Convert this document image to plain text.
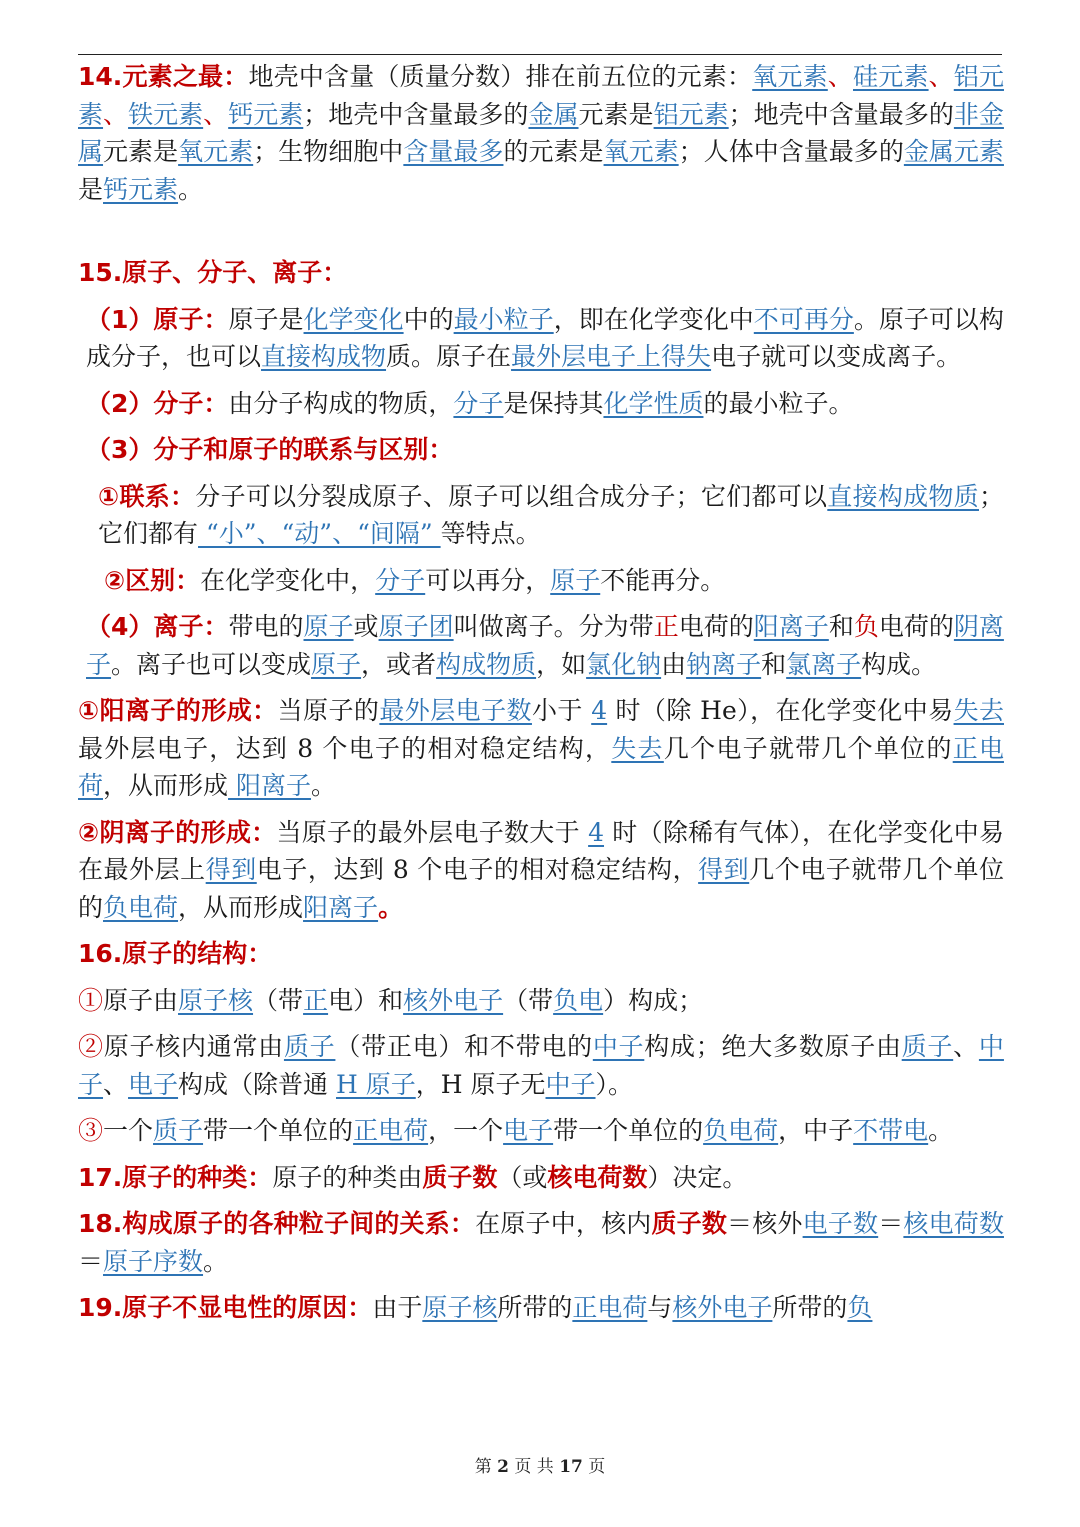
14.元素之最：地壳中含量（质量分数）排在前五位的元素：氧元素、硅元素、铝元素、铁元素、钙元素；地壳中含量最多的金属元素是铝元素；地壳中含量最多的非金属元素是氧元素；生物细胞中含量最多的元素是氧元素；人体中含量最多的金属元素是钙元素。

15.原子、分子、离子：

（1）原子：原子是化学变化中的最小粒子，即在化学变化中不可再分。原子可以构成分子，也可以直接构成物质。原子在最外层电子上得失电子就可以变成离子。

（2）分子：由分子构成的物质，分子是保持其化学性质的最小粒子。

（3）分子和原子的联系与区别：

①联系：分子可以分裂成原子、原子可以组合成分子；它们都可以直接构成物质；它们都有 “小”、“动”、“间隔” 等特点。

②区别：在化学变化中，分子可以再分，原子不能再分。

（4）离子：带电的原子或原子团叫做离子。分为带正电荷的阳离子和负电荷的阴离子。离子也可以变成原子，或者构成物质，如氯化钠由钠离子和氯离子构成。

①阳离子的形成：当原子的最外层电子数小于 4 时（除 He），在化学变化中易失去最外层电子，达到 8 个电子的相对稳定结构，失去几个电子就带几个单位的正电荷，从而形成 阳离子。

②阴离子的形成：当原子的最外层电子数大于 4 时（除稀有气体），在化学变化中易在最外层上得到电子，达到 8 个电子的相对稳定结构，得到几个电子就带几个单位的负电荷，从而形成阳离子。

16.原子的结构：

①原子由原子核（带正电）和核外电子（带负电）构成；

②原子核内通常由质子（带正电）和不带电的中子构成；绝大多数原子由质子、中子、电子构成（除普通 H 原子，H 原子无中子）。

③一个质子带一个单位的正电荷，一个电子带一个单位的负电荷，中子不带电。

17.原子的种类：原子的种类由质子数（或核电荷数）决定。

18.构成原子的各种粒子间的关系：在原子中，核内质子数＝核外电子数＝核电荷数＝原子序数。

19.原子不显电性的原因：由于原子核所带的正电荷与核外电子所带的负

第 2 页 共 17 页
